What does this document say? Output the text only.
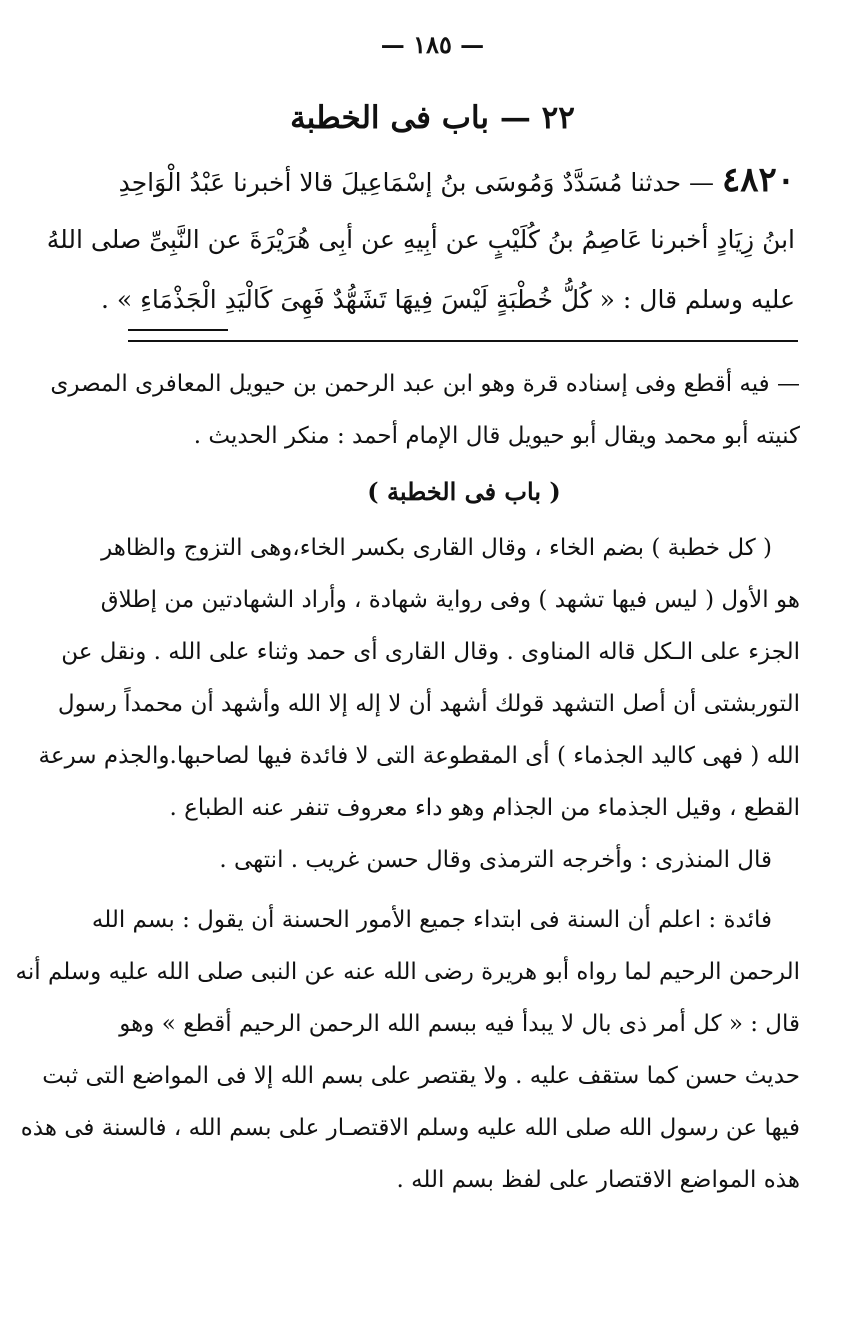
— ١٨٥ —
٢٢ — باب فى الخطبة
٤٨٢٠ — حدثنا مُسَدَّدٌ وَمُوسَى بنُ إسْمَاعِيلَ قالا أخبرنا عَبْدُ الْوَاحِدِ
ابنُ زِيَادٍ أخبرنا عَاصِمُ بنُ كُلَيْبٍ عن أبِيهِ عن أبِى هُرَيْرَةَ عن النَّبِىِّ صلى اللهُ
عليه وسلم قال : « كُلُّ خُطْبَةٍ لَيْسَ فِيهَا تَشَهُّدٌ فَهِىَ كَالْيَدِ الْجَذْمَاءِ » .
— فيه أقطع وفى إسناده قرة وهو ابن عبد الرحمن بن حيويل المعافرى المصرى
كنيته أبو محمد ويقال أبو حيويل قال الإمام أحمد : منكر الحديث .
( باب فى الخطبة )
( كل خطبة ) بضم الخاء ، وقال القارى بكسر الخاء،وهى التزوج والظاهر
هو الأول ( ليس فيها تشهد ) وفى رواية شهادة ، وأراد الشهادتين من إطلاق
الجزء على الـكل قاله المناوى . وقال القارى أى حمد وثناء على الله . ونقل عن
التوربشتى أن أصل التشهد قولك أشهد أن لا إله إلا الله وأشهد أن محمداً رسول
الله ( فهى كاليد الجذماء ) أى المقطوعة التى لا فائدة فيها لصاحبها.والجذم سرعة
القطع ، وقيل الجذماء من الجذام وهو داء معروف تنفر عنه الطباع .
قال المنذرى : وأخرجه الترمذى وقال حسن غريب . انتهى .
فائدة : اعلم أن السنة فى ابتداء جميع الأمور الحسنة أن يقول : بسم الله
الرحمن الرحيم لما رواه أبو هريرة رضى الله عنه عن النبى صلى الله عليه وسلم أنه
قال : « كل أمر ذى بال لا يبدأ فيه ببسم الله الرحمن الرحيم أقطع » وهو
حديث حسن كما ستقف عليه . ولا يقتصر على بسم الله إلا فى المواضع التى ثبت
فيها عن رسول الله صلى الله عليه وسلم الاقتصـار على بسم الله ، فالسنة فى هذه
هذه المواضع الاقتصار على لفظ بسم الله .
